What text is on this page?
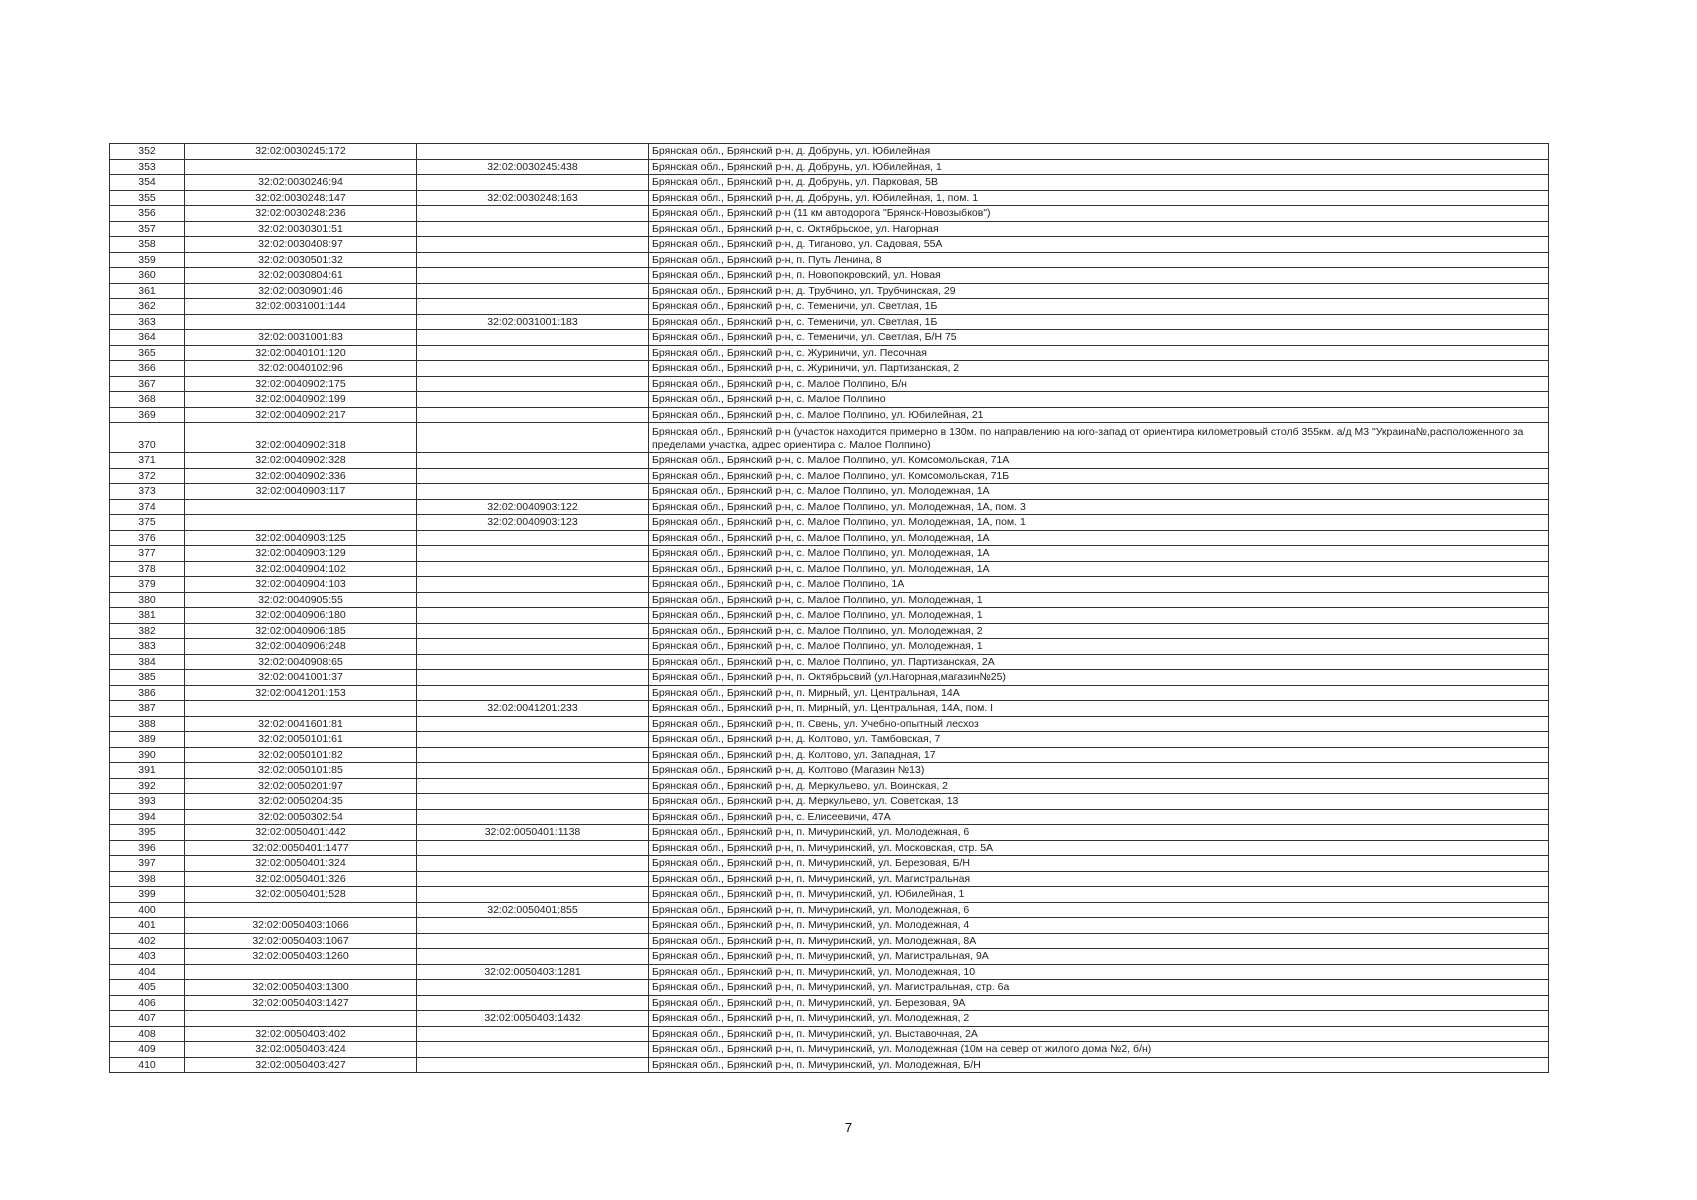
352	32:02:0030245:172		Брянская обл., Брянский р-н, д. Добрунь, ул. Юбилейная
353		32:02:0030245:438	Брянская обл., Брянский р-н, д. Добрунь, ул. Юбилейная, 1
354	32:02:0030246:94		Брянская обл., Брянский р-н, д. Добрунь, ул. Парковая, 5В
355	32:02:0030248:147	32:02:0030248:163	Брянская обл., Брянский р-н, д. Добрунь, ул. Юбилейная, 1, пом. 1
356	32:02:0030248:236		Брянская обл., Брянский р-н (11 км автодорога "Брянск-Новозыбков")
357	32:02:0030301:51		Брянская обл., Брянский р-н, с. Октябрьское, ул. Нагорная
358	32:02:0030408:97		Брянская обл., Брянский р-н, д. Тиганово, ул. Садовая, 55А
359	32:02:0030501:32		Брянская обл., Брянский р-н, п. Путь Ленина, 8
360	32:02:0030804:61		Брянская обл., Брянский р-н, п. Новопокровский, ул. Новая
361	32:02:0030901:46		Брянская обл., Брянский р-н, д. Трубчино, ул. Трубчинская, 29
362	32:02:0031001:144		Брянская обл., Брянский р-н, с. Теменичи, ул. Светлая, 1Б
363		32:02:0031001:183	Брянская обл., Брянский р-н, с. Теменичи, ул. Светлая, 1Б
364	32:02:0031001:83		Брянская обл., Брянский р-н, с. Теменичи, ул. Светлая, Б/Н 75
365	32:02:0040101:120		Брянская обл., Брянский р-н, с. Журиничи, ул. Песочная
366	32:02:0040102:96		Брянская обл., Брянский р-н, с. Журиничи, ул. Партизанская, 2
367	32:02:0040902:175		Брянская обл., Брянский р-н, с. Малое Полпино, Б/н
368	32:02:0040902:199		Брянская обл., Брянский р-н, с. Малое Полпино
369	32:02:0040902:217		Брянская обл., Брянский р-н, с. Малое Полпино, ул. Юбилейная, 21
370	32:02:0040902:318		Брянская обл., Брянский р-н (участок находится примерно в 130м. по направлению на юго-запад от ориентира километровый столб 355км. а/д М3 "Украина№,расположенного за пределами участка, адрес ориентира с. Малое Полпино)
371	32:02:0040902:328		Брянская обл., Брянский р-н, с. Малое Полпино, ул. Комсомольская, 71А
372	32:02:0040902:336		Брянская обл., Брянский р-н, с. Малое Полпино, ул. Комсомольская, 71Б
373	32:02:0040903:117		Брянская обл., Брянский р-н, с. Малое Полпино, ул. Молодежная, 1А
374		32:02:0040903:122	Брянская обл., Брянский р-н, с. Малое Полпино, ул. Молодежная, 1А, пом. 3
375		32:02:0040903:123	Брянская обл., Брянский р-н, с. Малое Полпино, ул. Молодежная, 1А, пом. 1
376	32:02:0040903:125		Брянская обл., Брянский р-н, с. Малое Полпино, ул. Молодежная, 1А
377	32:02:0040903:129		Брянская обл., Брянский р-н, с. Малое Полпино, ул. Молодежная, 1А
378	32:02:0040904:102		Брянская обл., Брянский р-н, с. Малое Полпино, ул. Молодежная, 1А
379	32:02:0040904:103		Брянская обл., Брянский р-н, с. Малое Полпино, 1А
380	32:02:0040905:55		Брянская обл., Брянский р-н, с. Малое Полпино, ул. Молодежная, 1
381	32:02:0040906:180		Брянская обл., Брянский р-н, с. Малое Полпино, ул. Молодежная, 1
382	32:02:0040906:185		Брянская обл., Брянский р-н, с. Малое Полпино, ул. Молодежная, 2
383	32:02:0040906:248		Брянская обл., Брянский р-н, с. Малое Полпино, ул. Молодежная, 1
384	32:02:0040908:65		Брянская обл., Брянский р-н, с. Малое Полпино, ул. Партизанская, 2А
385	32:02:0041001:37		Брянская обл., Брянский р-н, п. Октябрьсвий (ул.Нагорная,магазин№25)
386	32:02:0041201:153		Брянская обл., Брянский р-н, п. Мирный, ул. Центральная, 14А
387		32:02:0041201:233	Брянская обл., Брянский р-н, п. Мирный, ул. Центральная, 14А, пом. I
388	32:02:0041601:81		Брянская обл., Брянский р-н, п. Свень, ул. Учебно-опытный лесхоз
389	32:02:0050101:61		Брянская обл., Брянский р-н, д. Колтово, ул. Тамбовская, 7
390	32:02:0050101:82		Брянская обл., Брянский р-н, д. Колтово, ул. Западная, 17
391	32:02:0050101:85		Брянская обл., Брянский р-н, д. Колтово (Магазин №13)
392	32:02:0050201:97		Брянская обл., Брянский р-н, д. Меркульево, ул. Воинская, 2
393	32:02:0050204:35		Брянская обл., Брянский р-н, д. Меркульево, ул. Советская, 13
394	32:02:0050302:54		Брянская обл., Брянский р-н, с. Елисеевичи, 47А
395	32:02:0050401:442	32:02:0050401:1138	Брянская обл., Брянский р-н, п. Мичуринский, ул. Молодежная, 6
396	32:02:0050401:1477		Брянская обл., Брянский р-н, п. Мичуринский, ул. Московская, стр. 5А
397	32:02:0050401:324		Брянская обл., Брянский р-н, п. Мичуринский, ул. Березовая, Б/Н
398	32:02:0050401:326		Брянская обл., Брянский р-н, п. Мичуринский, ул. Магистральная
399	32:02:0050401:528		Брянская обл., Брянский р-н, п. Мичуринский, ул. Юбилейная, 1
400		32:02:0050401:855	Брянская обл., Брянский р-н, п. Мичуринский, ул. Молодежная, 6
401	32:02:0050403:1066		Брянская обл., Брянский р-н, п. Мичуринский, ул. Молодежная, 4
402	32:02:0050403:1067		Брянская обл., Брянский р-н, п. Мичуринский, ул. Молодежная, 8А
403	32:02:0050403:1260		Брянская обл., Брянский р-н, п. Мичуринский, ул. Магистральная, 9А
404		32:02:0050403:1281	Брянская обл., Брянский р-н, п. Мичуринский, ул. Молодежная, 10
405	32:02:0050403:1300		Брянская обл., Брянский р-н, п. Мичуринский, ул. Магистральная, стр. 6а
406	32:02:0050403:1427		Брянская обл., Брянский р-н, п. Мичуринский, ул. Березовая, 9А
407		32:02:0050403:1432	Брянская обл., Брянский р-н, п. Мичуринский, ул. Молодежная, 2
408	32:02:0050403:402		Брянская обл., Брянский р-н, п. Мичуринский, ул. Выставочная, 2А
409	32:02:0050403:424		Брянская обл., Брянский р-н, п. Мичуринский, ул. Молодежная (10м на север от жилого дома №2, б/н)
410	32:02:0050403:427		Брянская обл., Брянский р-н, п. Мичуринский, ул. Молодежная, Б/Н
7
